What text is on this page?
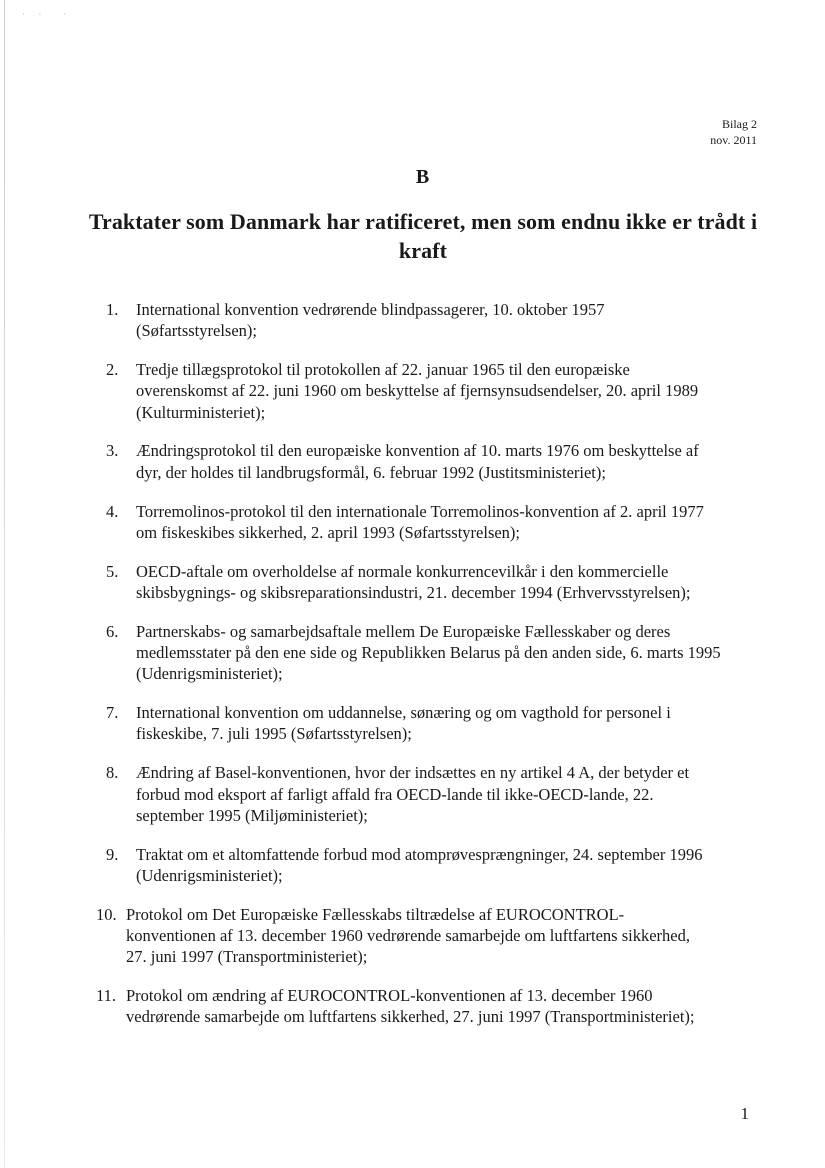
· ·  ·
Bilag 2
nov. 2011
B
Traktater som Danmark har ratificeret, men som endnu ikke er trådt i
kraft
1.	International konvention vedrørende blindpassagerer, 10. oktober 1957
(Søfartsstyrelsen);
2.	Tredje tillægsprotokol til protokollen af 22. januar 1965 til den europæiske
overenskomst af 22. juni 1960 om beskyttelse af fjernsynsudsendelser, 20. april 1989
(Kulturministeriet);
3.	Ændringsprotokol til den europæiske konvention af 10. marts 1976 om beskyttelse af
dyr, der holdes til landbrugsformål, 6. februar 1992 (Justitsministeriet);
4.	Torremolinos-protokol til den internationale Torremolinos-konvention af 2. april 1977
om fiskeskibes sikkerhed, 2. april 1993 (Søfartsstyrelsen);
5.	OECD-aftale om overholdelse af normale konkurrencevilkår i den kommercielle
skibsbygnings- og skibsreparationsindustri, 21. december 1994 (Erhvervsstyrelsen);
6.	Partnerskabs- og samarbejdsaftale mellem De Europæiske Fællesskaber og deres
medlemsstater på den ene side og Republikken Belarus på den anden side, 6. marts 1995
(Udenrigsministeriet);
7.	International konvention om uddannelse, sønæring og om vagthold for personel i
fiskeskibe, 7. juli 1995 (Søfartsstyrelsen);
8.	Ændring af Basel-konventionen, hvor der indsættes en ny artikel 4 A, der betyder et
forbud mod eksport af farligt affald fra OECD-lande til ikke-OECD-lande, 22.
september 1995 (Miljøministeriet);
9.	Traktat om et altomfattende forbud mod atomprøvesprængninger, 24. september 1996
(Udenrigsministeriet);
10. Protokol om Det Europæiske Fællesskabs tiltrædelse af EUROCONTROL-
konventionen af 13. december 1960 vedrørende samarbejde om luftfartens sikkerhed,
27. juni 1997 (Transportministeriet);
11. Protokol om ændring af EUROCONTROL-konventionen af 13. december 1960
vedrørende samarbejde om luftfartens sikkerhed, 27. juni 1997 (Transportministeriet);
1
